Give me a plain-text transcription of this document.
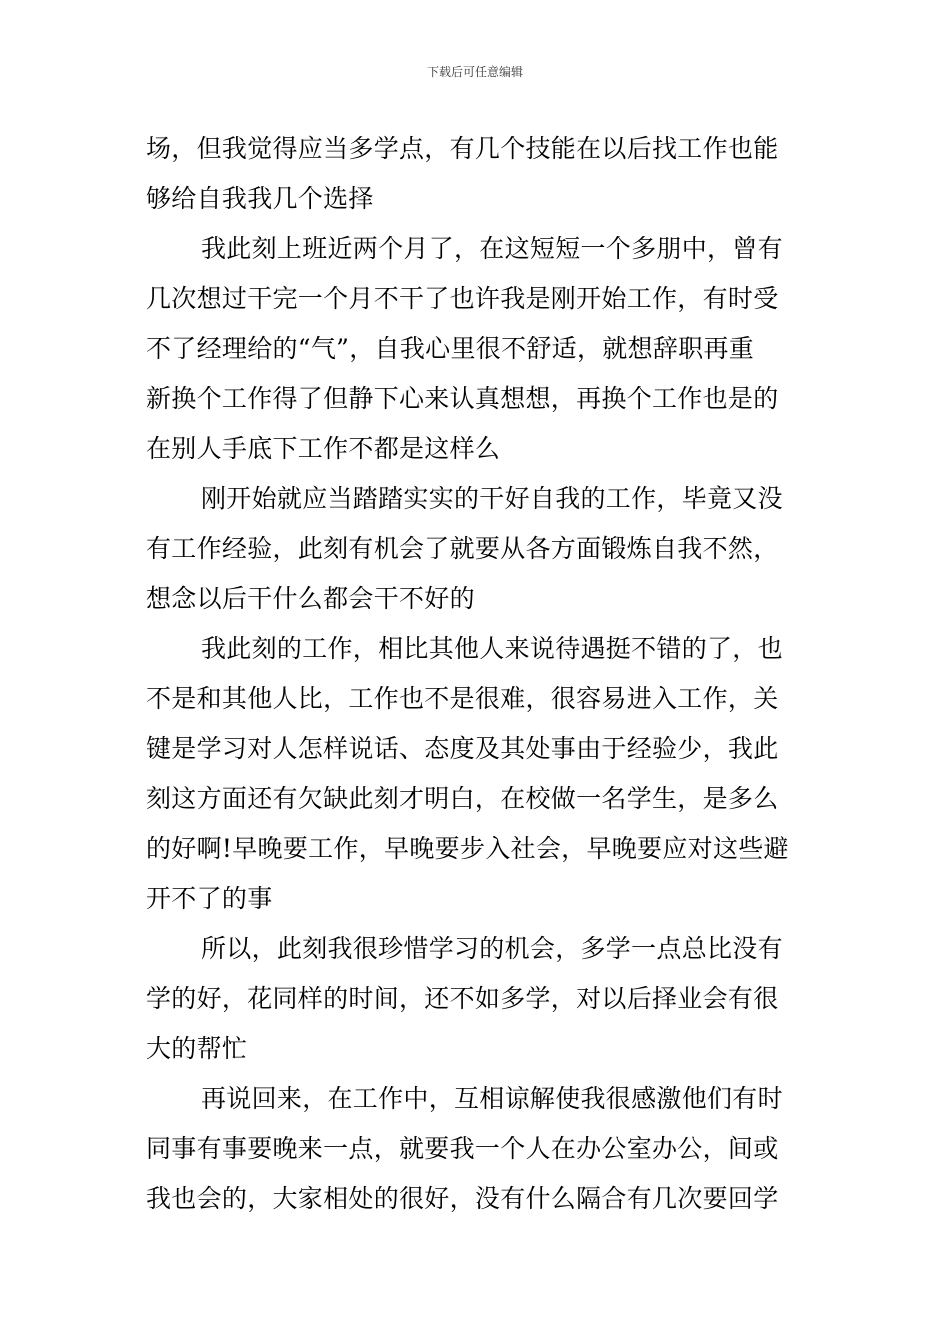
下载后可任意编辑
场，但我觉得应当多学点，有几个技能在以后找工作也能
够给自我我几个选择
我此刻上班近两个月了，在这短短一个多朋中，曾有
几次想过干完一个月不干了也许我是刚开始工作，有时受
不了经理给的“气”，自我心里很不舒适，就想辞职再重
新换个工作得了但静下心来认真想想，再换个工作也是的
在别人手底下工作不都是这样么
刚开始就应当踏踏实实的干好自我的工作，毕竟又没
有工作经验，此刻有机会了就要从各方面锻炼自我不然，
想念以后干什么都会干不好的
我此刻的工作，相比其他人来说待遇挺不错的了，也
不是和其他人比，工作也不是很难，很容易进入工作，关
键是学习对人怎样说话、态度及其处事由于经验少，我此
刻这方面还有欠缺此刻才明白，在校做一名学生，是多么
的好啊!早晚要工作，早晚要步入社会，早晚要应对这些避
开不了的事
所以，此刻我很珍惜学习的机会，多学一点总比没有
学的好，花同样的时间，还不如多学，对以后择业会有很
大的帮忙
再说回来，在工作中，互相谅解使我很感激他们有时
同事有事要晚来一点，就要我一个人在办公室办公，间或
我也会的，大家相处的很好，没有什么隔合有几次要回学
